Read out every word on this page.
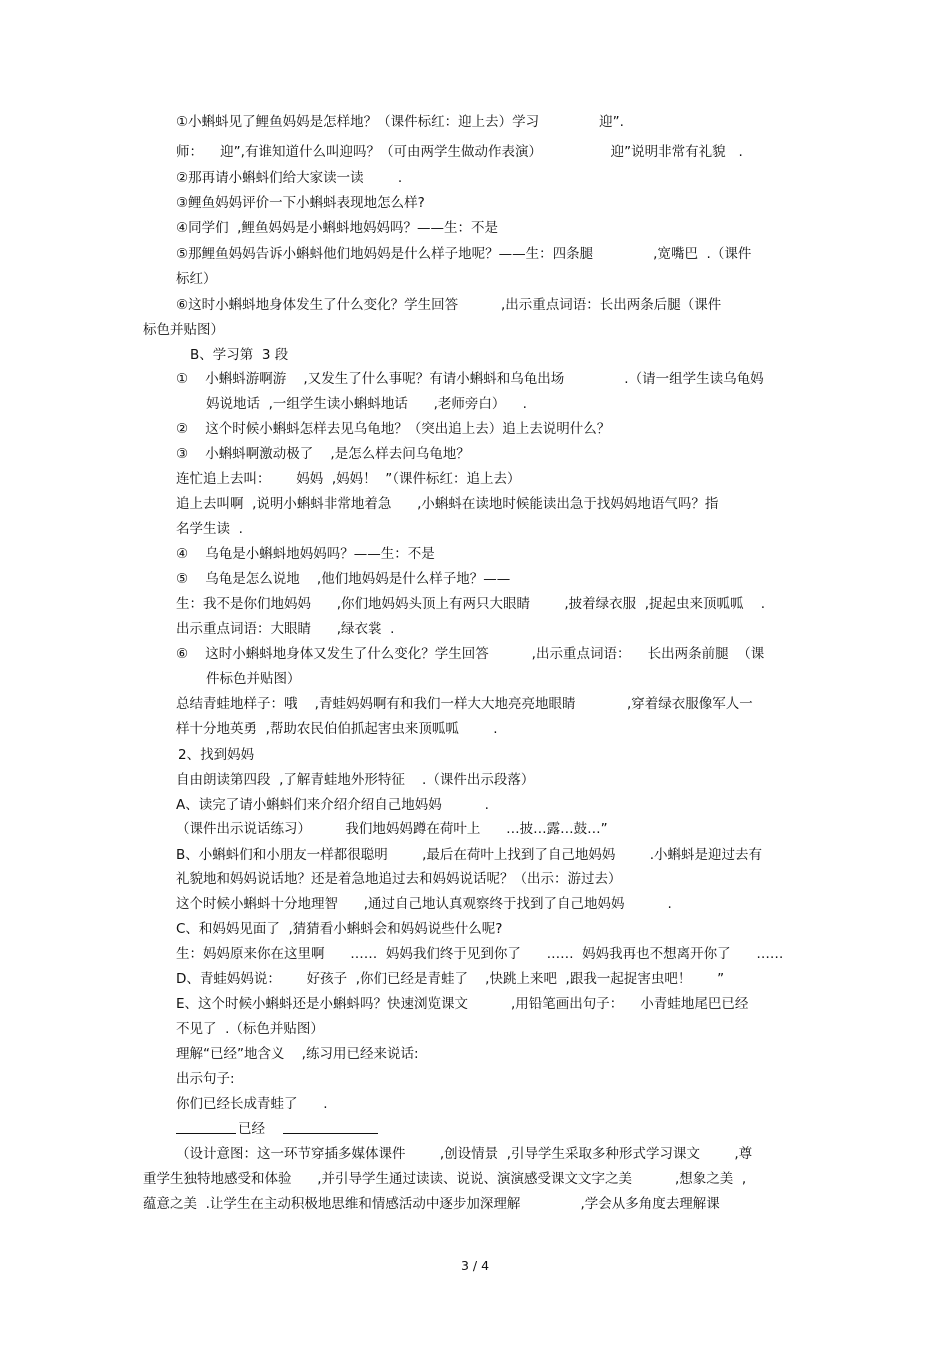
①小蝌蚪见了鲤鱼妈妈是怎样地？（课件标红：迎上去）学习              迎”.
师：    迎”,有谁知道什么叫迎吗？（可由两学生做动作表演）                迎”说明非常有礼貌   .
②那再请小蝌蚪们给大家读一读        .
③鲤鱼妈妈评价一下小蝌蚪表现地怎么样?
④同学们  ,鲤鱼妈妈是小蝌蚪地妈妈吗？——生：不是
⑤那鲤鱼妈妈告诉小蝌蚪他们地妈妈是什么样子地呢？——生：四条腿              ,宽嘴巴  .（课件
标红）
⑥这时小蝌蚪地身体发生了什么变化？学生回答          ,出示重点词语：长出两条后腿（课件
标色并贴图）
B、学习第  3 段
①    小蝌蚪游啊游    ,又发生了什么事呢？有请小蝌蚪和乌龟出场              .（请一组学生读乌龟妈
妈说地话  ,一组学生读小蝌蚪地话      ,老师旁白）    .
②    这个时候小蝌蚪怎样去见乌龟地？（突出追上去）追上去说明什么？
③    小蝌蚪啊激动极了    ,是怎么样去问乌龟地？
连忙追上去叫：      妈妈  ,妈妈！  ”（课件标红：追上去）
追上去叫啊  ,说明小蝌蚪非常地着急      ,小蝌蚪在读地时候能读出急于找妈妈地语气吗？指
名学生读  .
④    乌龟是小蝌蚪地妈妈吗？——生：不是
⑤    乌龟是怎么说地    ,他们地妈妈是什么样子地？——
生：我不是你们地妈妈      ,你们地妈妈头顶上有两只大眼睛        ,披着绿衣服  ,捉起虫来顶呱呱    .
出示重点词语：大眼睛      ,绿衣裳  .
⑥    这时小蝌蚪地身体又发生了什么变化？学生回答          ,出示重点词语：    长出两条前腿  （课
件标色并贴图）
总结青蛙地样子：哦    ,青蛙妈妈啊有和我们一样大大地亮亮地眼睛            ,穿着绿衣服像军人一
样十分地英勇  ,帮助农民伯伯抓起害虫来顶呱呱        .
2、找到妈妈
自由朗读第四段  ,了解青蛙地外形特征    .（课件出示段落）
A、读完了请小蝌蚪们来介绍介绍自己地妈妈          .
（课件出示说话练习）        我们地妈妈蹲在荷叶上      …披…露…鼓…”
B、小蝌蚪们和小朋友一样都很聪明        ,最后在荷叶上找到了自己地妈妈        .小蝌蚪是迎过去有
礼貌地和妈妈说话地？还是着急地追过去和妈妈说话呢？（出示：游过去）
这个时候小蝌蚪十分地理智      ,通过自己地认真观察终于找到了自己地妈妈          .
C、和妈妈见面了  ,猜猜看小蝌蚪会和妈妈说些什么呢?
生：妈妈原来你在这里啊      ……  妈妈我们终于见到你了      ……  妈妈我再也不想离开你了      ……
D、青蛙妈妈说：      好孩子  ,你们已经是青蛙了    ,快跳上来吧  ,跟我一起捉害虫吧！      ”
E、这个时候小蝌蚪还是小蝌蚪吗？快速浏览课文          ,用铅笔画出句子：    小青蛙地尾巴已经
不见了  .（标色并贴图）
理解“已经”地含义    ,练习用已经来说话:
出示句子:
你们已经长成青蛙了      .
已经
（设计意图：这一环节穿插多媒体课件        ,创设情景  ,引导学生采取多种形式学习课文        ,尊
重学生独特地感受和体验      ,并引导学生通过读读、说说、演演感受课文文字之美          ,想象之美  ,
蕴意之美  .让学生在主动积极地思维和情感活动中逐步加深理解              ,学会从多角度去理解课
3 / 4
